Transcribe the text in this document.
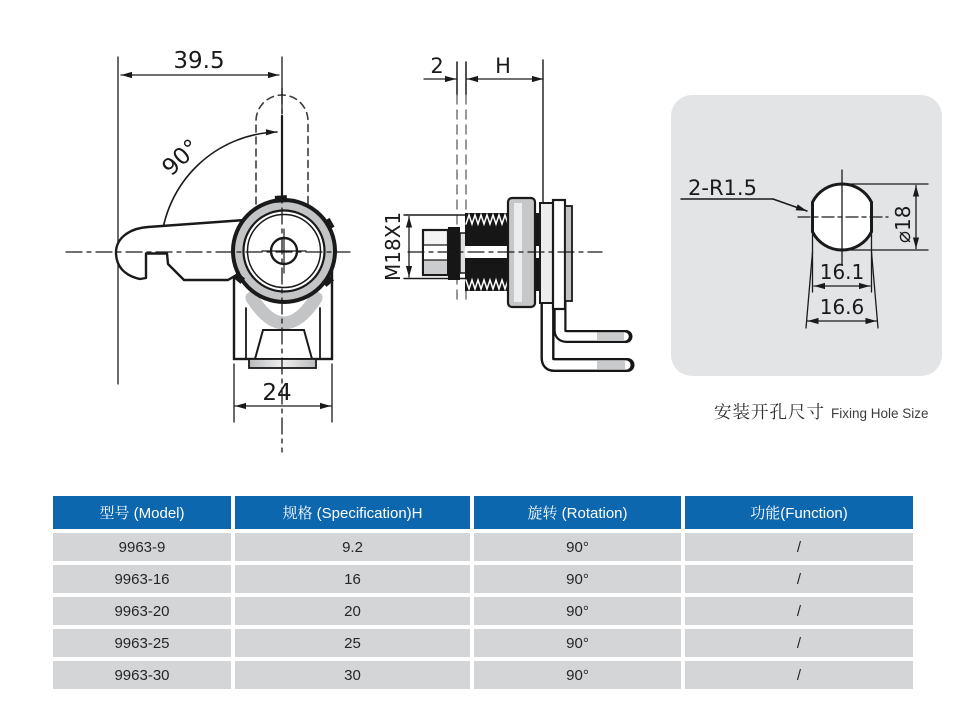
39.5
90°
24
2 H
M18X1
2-R1.5
⌀18
16.1
16.6
安装开孔尺寸 Fixing Hole Size
型号 (Model)	规格 (Specification)H	旋转 (Rotation)	功能(Function)
9963-9	9.2	90°	/
9963-16	16	90°	/
9963-20	20	90°	/
9963-25	25	90°	/
9963-30	30	90°	/
